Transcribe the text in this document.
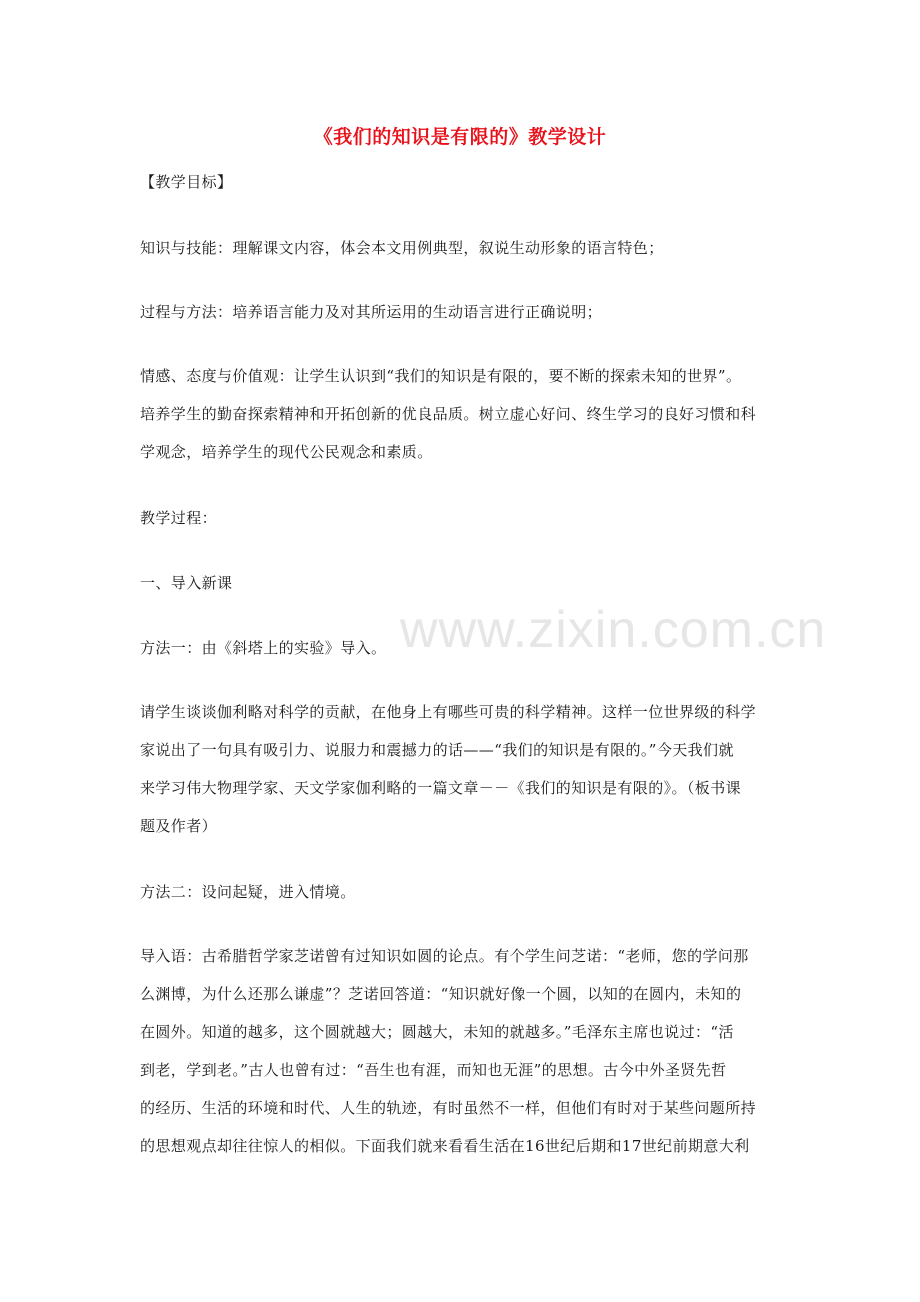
www.zixin.com.cn
《我们的知识是有限的》教学设计
【教学目标】
知识与技能：理解课文内容，体会本文用例典型，叙说生动形象的语言特色；
过程与方法：培养语言能力及对其所运用的生动语言进行正确说明；
情感、态度与价值观：让学生认识到“我们的知识是有限的，要不断的探索未知的世界”。
培养学生的勤奋探索精神和开拓创新的优良品质。树立虚心好问、终生学习的良好习惯和科
学观念，培养学生的现代公民观念和素质。
教学过程：
一、导入新课
方法一：由《斜塔上的实验》导入。
请学生谈谈伽利略对科学的贡献，在他身上有哪些可贵的科学精神。这样一位世界级的科学
家说出了一句具有吸引力、说服力和震撼力的话——“我们的知识是有限的。”今天我们就
来学习伟大物理学家、天文学家伽利略的一篇文章－－《我们的知识是有限的》。（板书课
题及作者）
方法二：设问起疑，进入情境。
导入语：古希腊哲学家芝诺曾有过知识如圆的论点。有个学生问芝诺：“老师，您的学问那
么渊博，为什么还那么谦虚”？芝诺回答道：“知识就好像一个圆，以知的在圆内，未知的
在圆外。知道的越多，这个圆就越大；圆越大，未知的就越多。”毛泽东主席也说过：“活
到老，学到老。”古人也曾有过：“吾生也有涯，而知也无涯”的思想。古今中外圣贤先哲
的经历、生活的环境和时代、人生的轨迹，有时虽然不一样，但他们有时对于某些问题所持
的思想观点却往往惊人的相似。下面我们就来看看生活在16世纪后期和17世纪前期意大利
